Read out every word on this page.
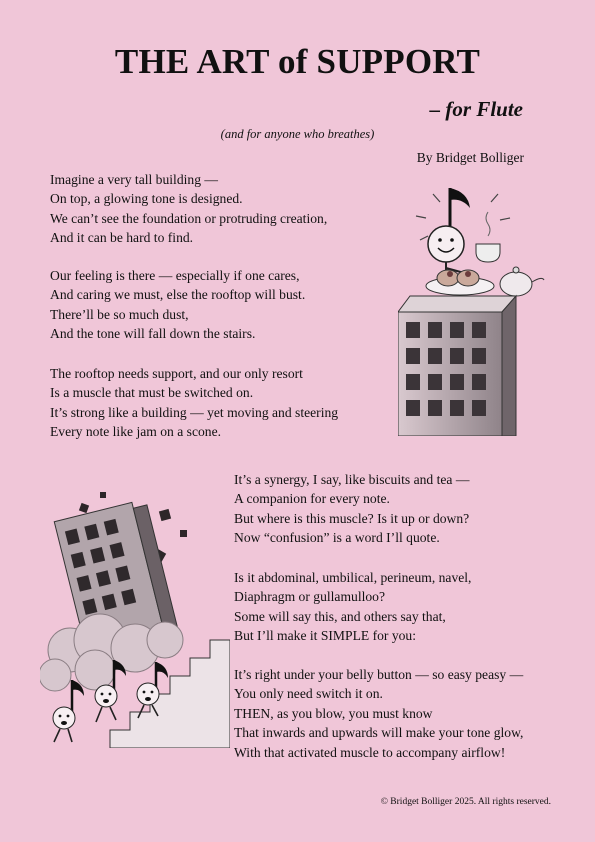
THE ART of SUPPORT
– for Flute
(and for anyone who breathes)
By Bridget Bolliger
Imagine a very tall building —
On top, a glowing tone is designed.
We can’t see the foundation or protruding creation,
And it can be hard to find.
Our feeling is there — especially if one cares,
And caring we must, else the rooftop will bust.
There’ll be so much dust,
And the tone will fall down the stairs.
The rooftop needs support, and our only resort
Is a muscle that must be switched on.
It’s strong like a building — yet moving and steering
Every note like jam on a scone.
It’s a synergy, I say, like biscuits and tea —
A companion for every note.
But where is this muscle? Is it up or down?
Now “confusion” is a word I’ll quote.
Is it abdominal, umbilical, perineum, navel,
Diaphragm or gullamulloo?
Some will say this, and others say that,
But I’ll make it SIMPLE for you:
It’s right under your belly button — so easy peasy —
You only need switch it on.
THEN, as you blow, you must know
That inwards and upwards will make your tone glow,
With that activated muscle to accompany airflow!
© Bridget Bolliger 2025. All rights reserved.
